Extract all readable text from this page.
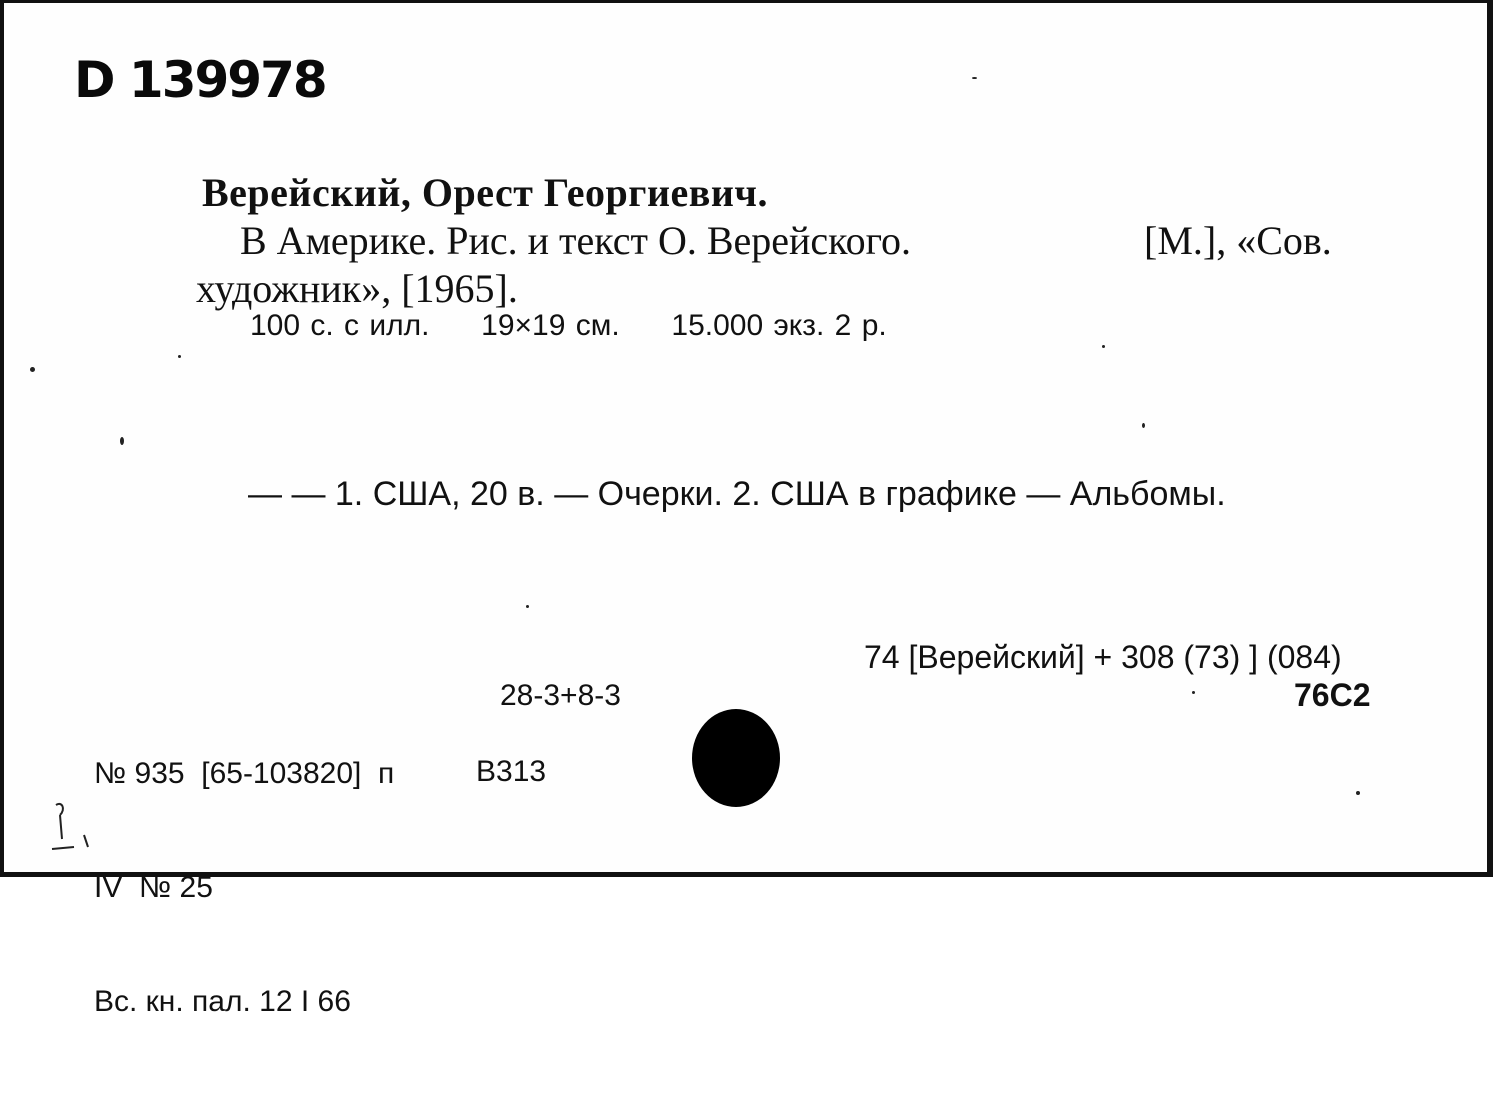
D 139978
Верейский, Орест Георгиевич.
В Америке. Рис. и текст О. Верейского.	[М.], «Сов.
художник», [1965].
100 с. с илл.     19×19 см.     15.000 экз. 2 р.
— — 1. США, 20 в. — Очерки. 2. США в графике — Альбомы.
74 [Верейский] + 308 (73) ] (084)
76С2

№ 935  [65-103820]  п

IV  № 25

Вс. кн. пал. 12 I 66

28-3+8-3
В313
